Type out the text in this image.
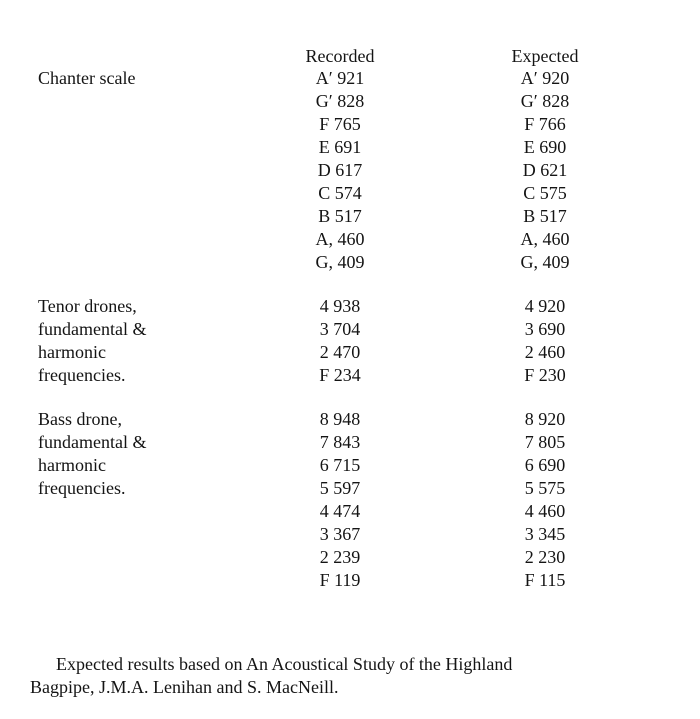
Recorded	Expected
Chanter scale	A′ 921
G′ 828
F 765
E 691
D 617
C 574
B 517
A, 460
G, 409
A′ 920
G′ 828
F 766
E 690
D 621
C 575
B 517
A, 460
G, 409
Tenor drones,
fundamental &
harmonic
frequencies.
4 938
3 704
2 470
F 234
4 920
3 690
2 460
F 230
Bass drone,
fundamental &
harmonic
frequencies.
8 948
7 843
6 715
5 597
4 474
3 367
2 239
F 119
8 920
7 805
6 690
5 575
4 460
3 345
2 230
F 115
Expected results based on An Acoustical Study of the Highland
Bagpipe, J.M.A. Lenihan and S. MacNeill.
